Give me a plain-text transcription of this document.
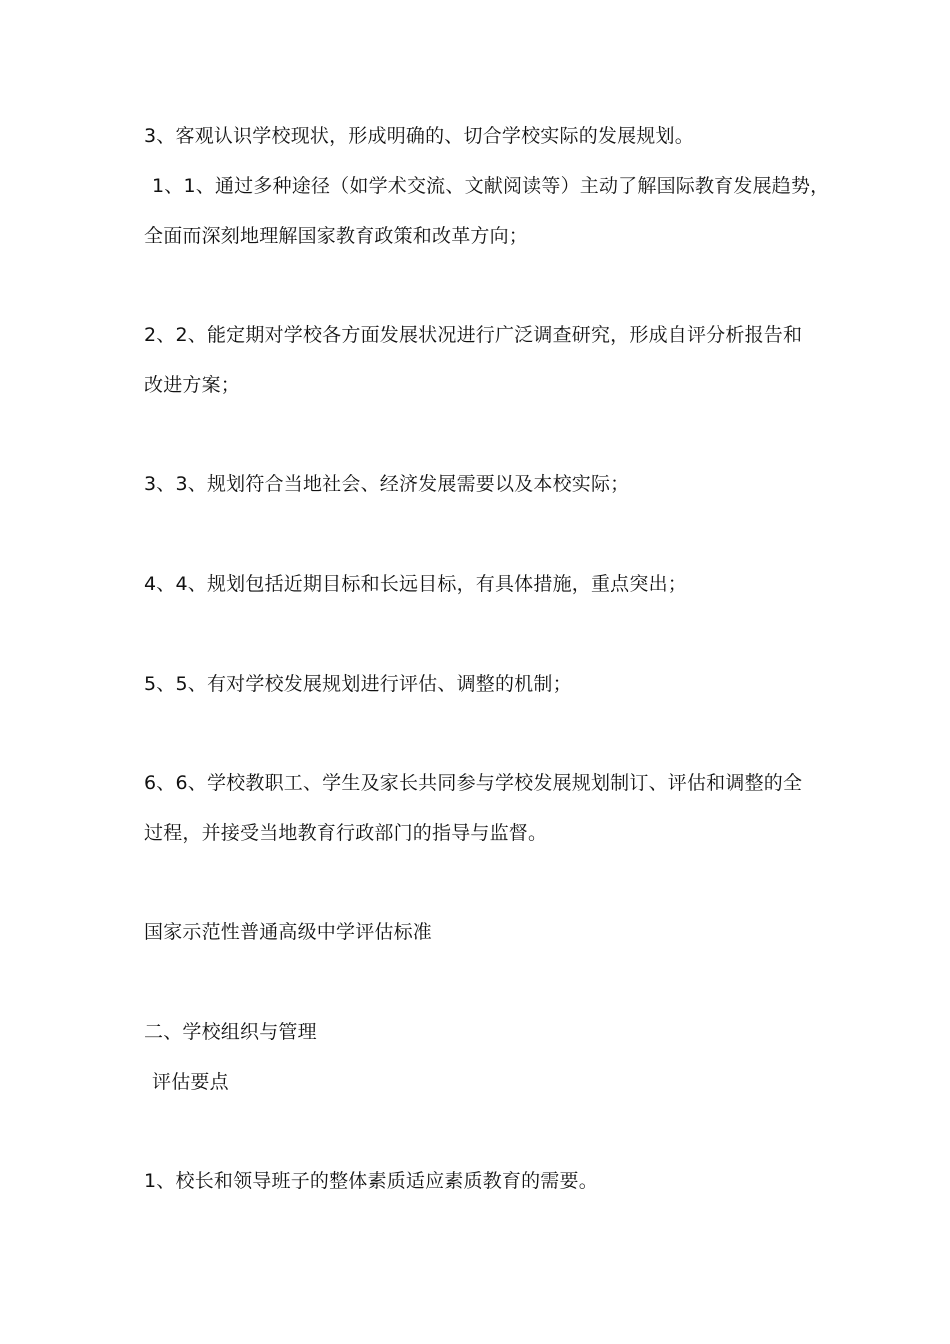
3、客观认识学校现状，形成明确的、切合学校实际的发展规划。
1、1、通过多种途径（如学术交流、文献阅读等）主动了解国际教育发展趋势，
全面而深刻地理解国家教育政策和改革方向；
2、2、能定期对学校各方面发展状况进行广泛调查研究，形成自评分析报告和
改进方案；
3、3、规划符合当地社会、经济发展需要以及本校实际；
4、4、规划包括近期目标和长远目标，有具体措施，重点突出；
5、5、有对学校发展规划进行评估、调整的机制；
6、6、学校教职工、学生及家长共同参与学校发展规划制订、评估和调整的全
过程，并接受当地教育行政部门的指导与监督。
国家示范性普通高级中学评估标准
二、学校组织与管理
评估要点
1、校长和领导班子的整体素质适应素质教育的需要。
